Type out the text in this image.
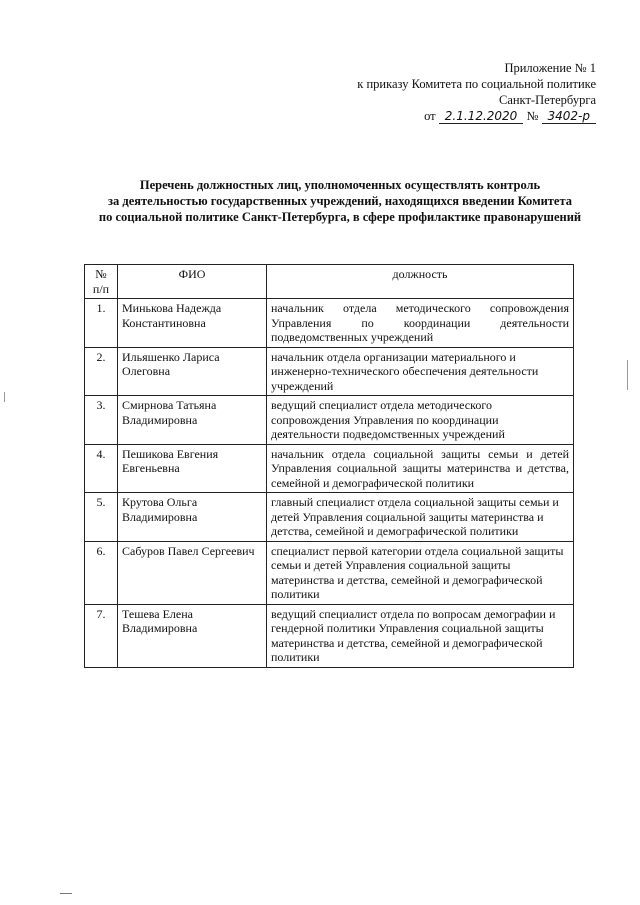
Приложение № 1
к приказу Комитета по социальной политике
Санкт-Петербурга
от 2.1.12.2020 № 3402-р
Перечень должностных лиц, уполномоченных осуществлять контроль
за деятельностью государственных учреждений, находящихся введении Комитета
по социальной политике Санкт-Петербурга, в сфере профилактике правонарушений
№ п/п	ФИО	должность
1.	Минькова Надежда Константиновна	начальник отдела методического сопровождения Управления по координации деятельности подведомственных учреждений
2.	Ильяшенко Лариса Олеговна	начальник отдела организации материального и инженерно-технического обеспечения деятельности учреждений
3.	Смирнова Татьяна Владимировна	ведущий специалист отдела методического сопровождения Управления по координации деятельности подведомственных учреждений
4.	Пешикова Евгения Евгеньевна	начальник отдела социальной защиты семьи и детей Управления социальной защиты материнства и детства, семейной и демографической политики
5.	Крутова Ольга Владимировна	главный специалист отдела социальной защиты семьи и детей Управления социальной защиты материнства и детства, семейной и демографической политики
6.	Сабуров Павел Сергеевич	специалист первой категории отдела социальной защиты семьи и детей Управления социальной защиты материнства и детства, семейной и демографической политики
7.	Тешева Елена Владимировна	ведущий специалист отдела по вопросам демографии и гендерной политики Управления социальной защиты материнства и детства, семейной и демографической политики
